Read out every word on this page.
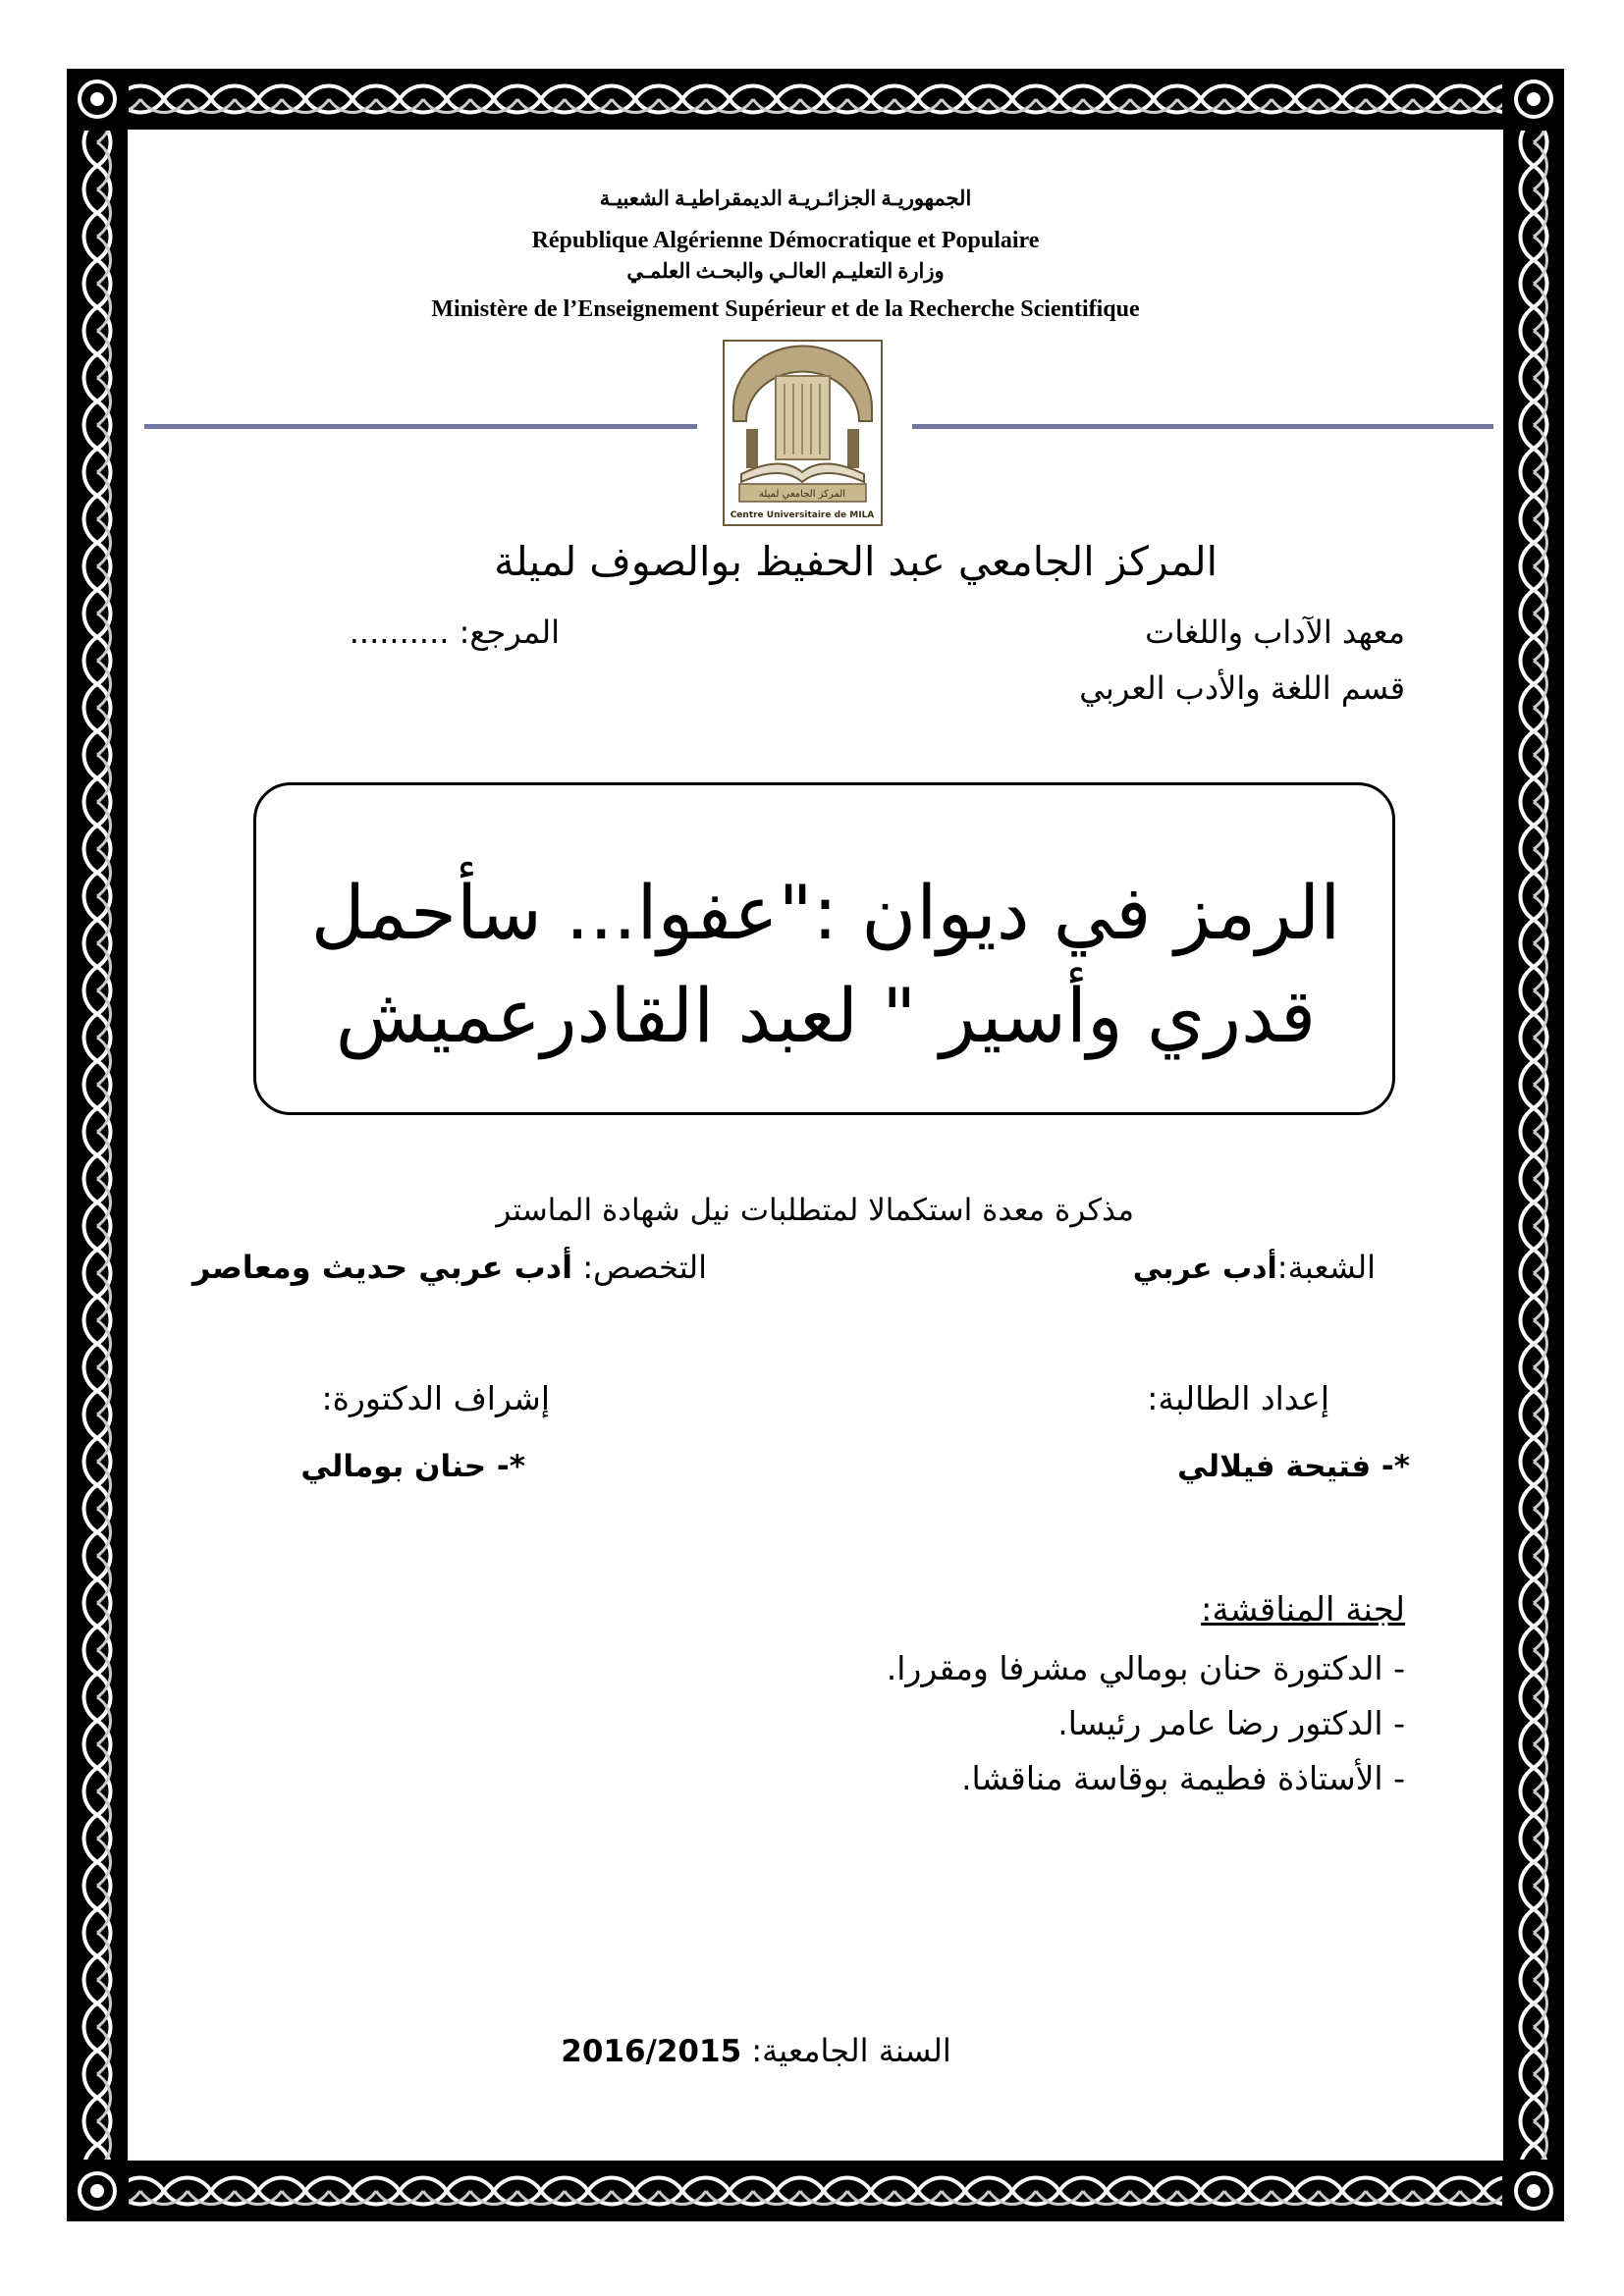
الجمهوريـة الجزائـريـة الديمقراطيـة الشعبيـة
République Algérienne Démocratique et Populaire
وزارة التعليـم العالـي والبحـث العلمـي
Ministère de l’Enseignement Supérieur et de la Recherche Scientifique
المركز الجامعي لميلة
Centre Universitaire de MILA
المركز الجامعي عبد الحفيظ بوالصوف لميلة
معهد الآداب واللغات
المرجع: ..........
قسم اللغة والأدب العربي
الرمز في ديوان :"عفوا... سأحمل
قدري وأسير " لعبد القادرعميش
مذكرة معدة استكمالا لمتطلبات نيل شهادة الماستر
الشعبة:أدب عربي
التخصص: أدب عربي حديث ومعاصر
إعداد الطالبة:
إشراف الدكتورة:
*- فتيحة فيلالي
*- حنان بومالي
لجنة المناقشة:
- الدكتورة حنان بومالي مشرفا ومقررا.
- الدكتور رضا عامر رئيسا.
- الأستاذة فطيمة بوقاسة مناقشا.
السنة الجامعية: 2016/2015
